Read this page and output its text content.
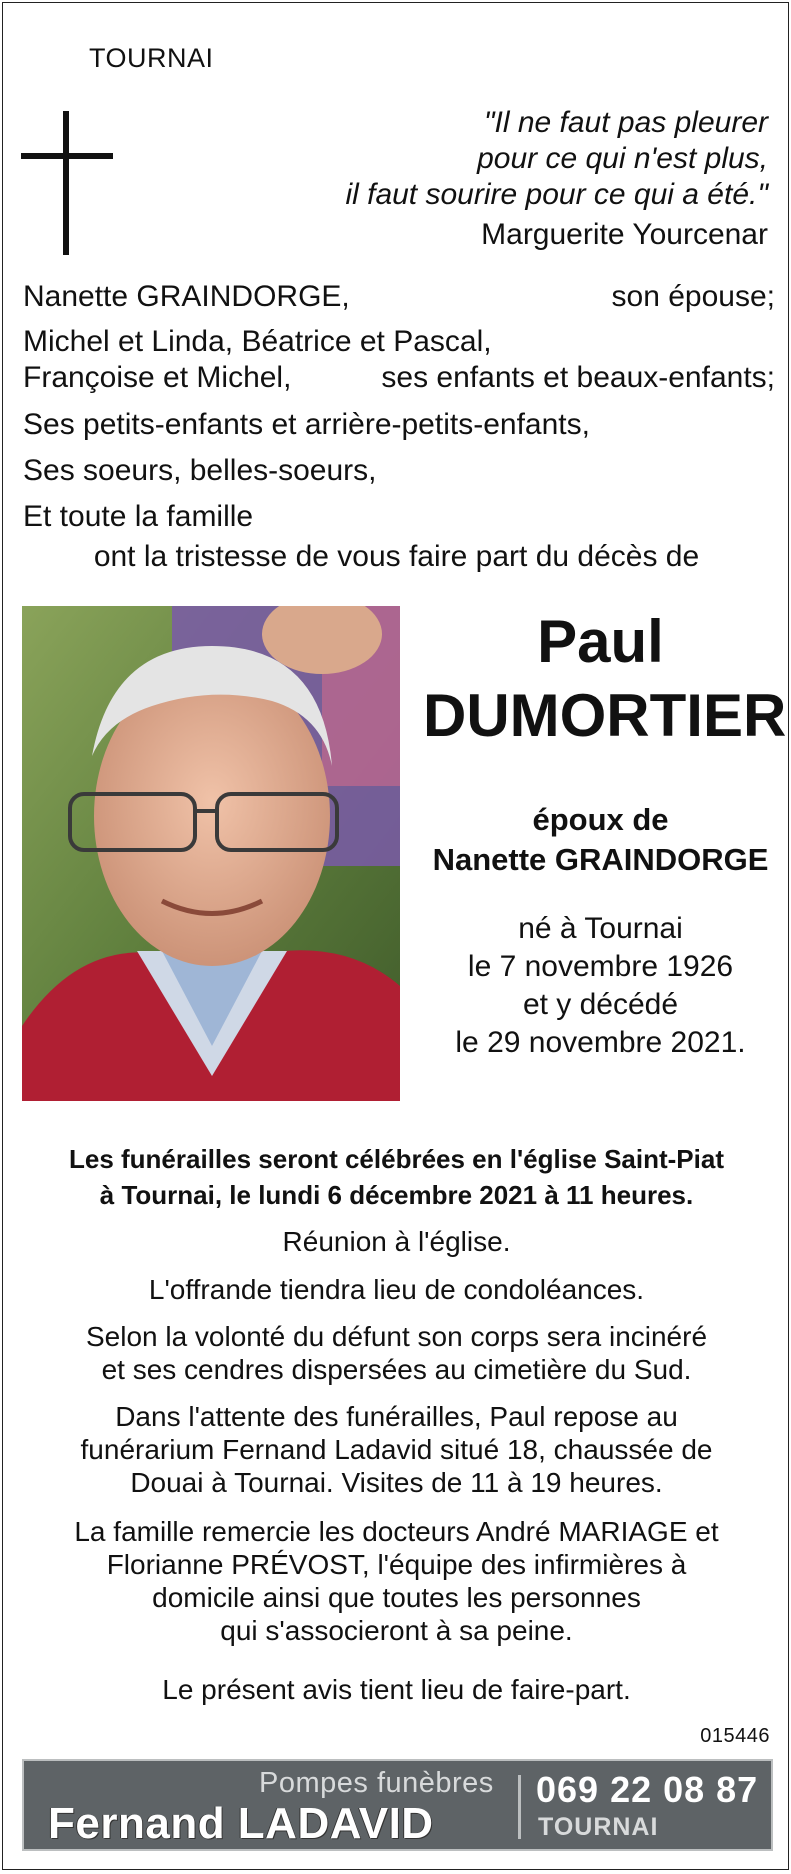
TOURNAI
"Il ne faut pas pleurer
pour ce qui n'est plus,
il faut sourire pour ce qui a été."
Marguerite Yourcenar
Nanette GRAINDORGE,	son épouse;
Michel et Linda, Béatrice et Pascal,
Françoise et Michel,	ses enfants et beaux-enfants;
Ses petits-enfants et arrière-petits-enfants,
Ses soeurs, belles-soeurs,
Et toute la famille
ont la tristesse de vous faire part du décès de
Paul
DUMORTIER
époux de
Nanette GRAINDORGE
né à Tournai
le 7 novembre 1926
et y décédé
le 29 novembre 2021.
Les funérailles seront célébrées en l'église Saint-Piat
à Tournai, le lundi 6 décembre 2021 à 11 heures.
Réunion à l'église.
L'offrande tiendra lieu de condoléances.
Selon la volonté du défunt son corps sera incinéré
et ses cendres dispersées au cimetière du Sud.
Dans l'attente des funérailles, Paul repose au
funérarium Fernand Ladavid situé 18, chaussée de
Douai à Tournai. Visites de 11 à 19 heures.
La famille remercie les docteurs André MARIAGE et
Florianne PRÉVOST, l'équipe des infirmières à
domicile ainsi que toutes les personnes
qui s'associeront à sa peine.
Le présent avis tient lieu de faire-part.
015446
Pompes funèbres
Fernand LADAVID
069 22 08 87
TOURNAI
